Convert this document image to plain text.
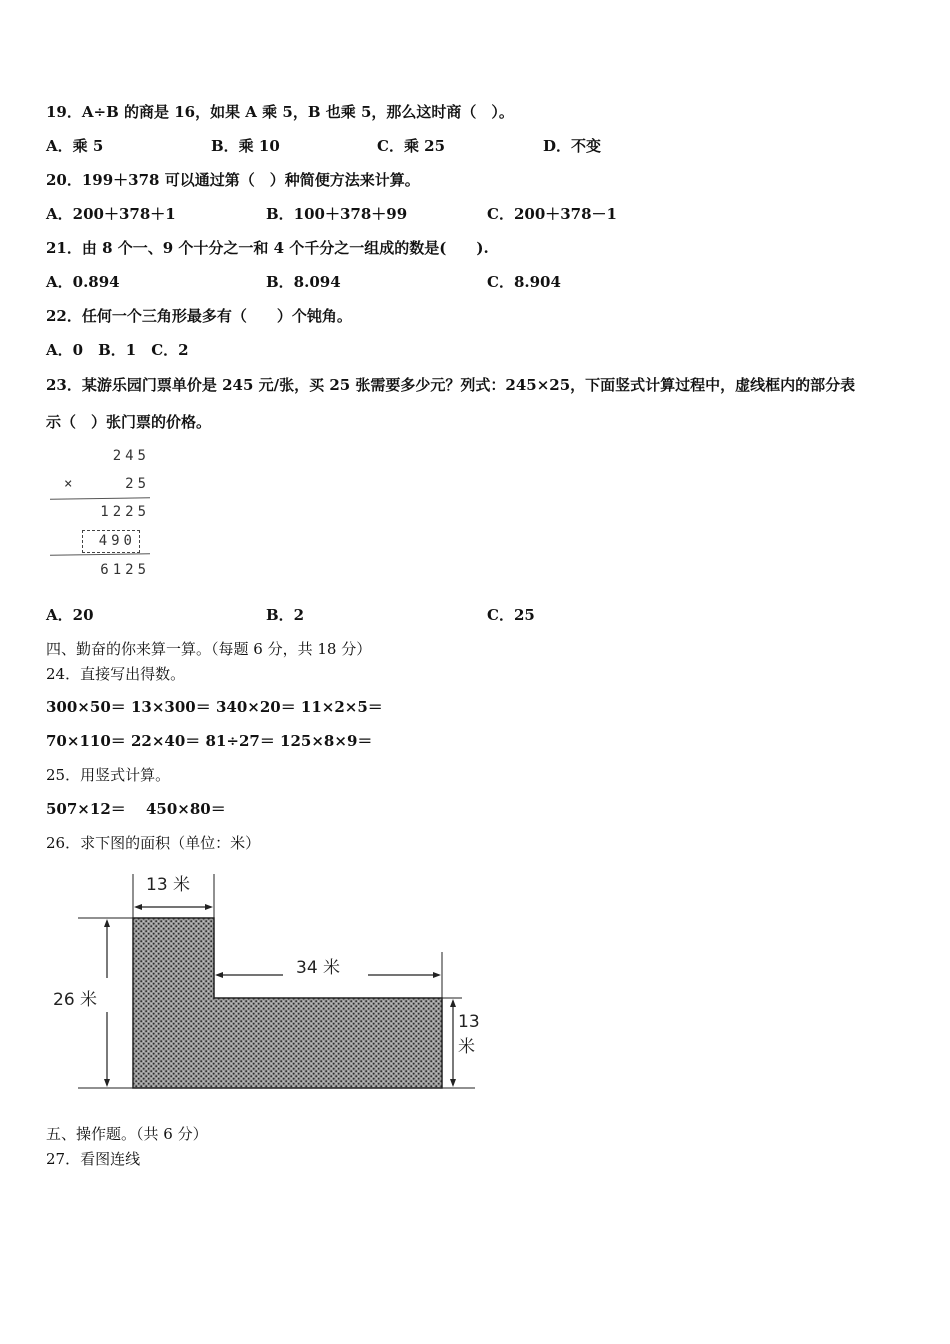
19．A÷B 的商是 16，如果 A 乘 5，B 也乘 5，那么这时商（　）。
A．乘 5	B．乘 10	C．乘 25	D．不变
20．199＋378 可以通过第（　）种简便方法来计算。
A．200＋378＋1	B．100＋378＋99	C．200＋378－1
21．由 8 个一、9 个十分之一和 4 个千分之一组成的数是(　　).
A．0.894	B．8.094	C．8.904
22．任何一个三角形最多有（　　）个钝角。
A．0　B．1　C．2
23．某游乐园门票单价是 245 元/张，买 25 张需要多少元？列式：245×25，下面竖式计算过程中，虚线框内的部分表
示（　）张门票的价格。
245
×	25
1225
490
6125
A．20	B．2	C．25
四、勤奋的你来算一算。（每题 6 分，共 18 分）
24．直接写出得数。
300×50＝ 13×300＝ 340×20＝ 11×2×5＝
70×110＝ 22×40＝ 81÷27＝ 125×8×9＝
25．用竖式计算。
507×12＝　 450×80＝
26．求下图的面积（单位：米）
13 米
34 米
26 米
13
米
五、操作题。（共 6 分）
27．看图连线
